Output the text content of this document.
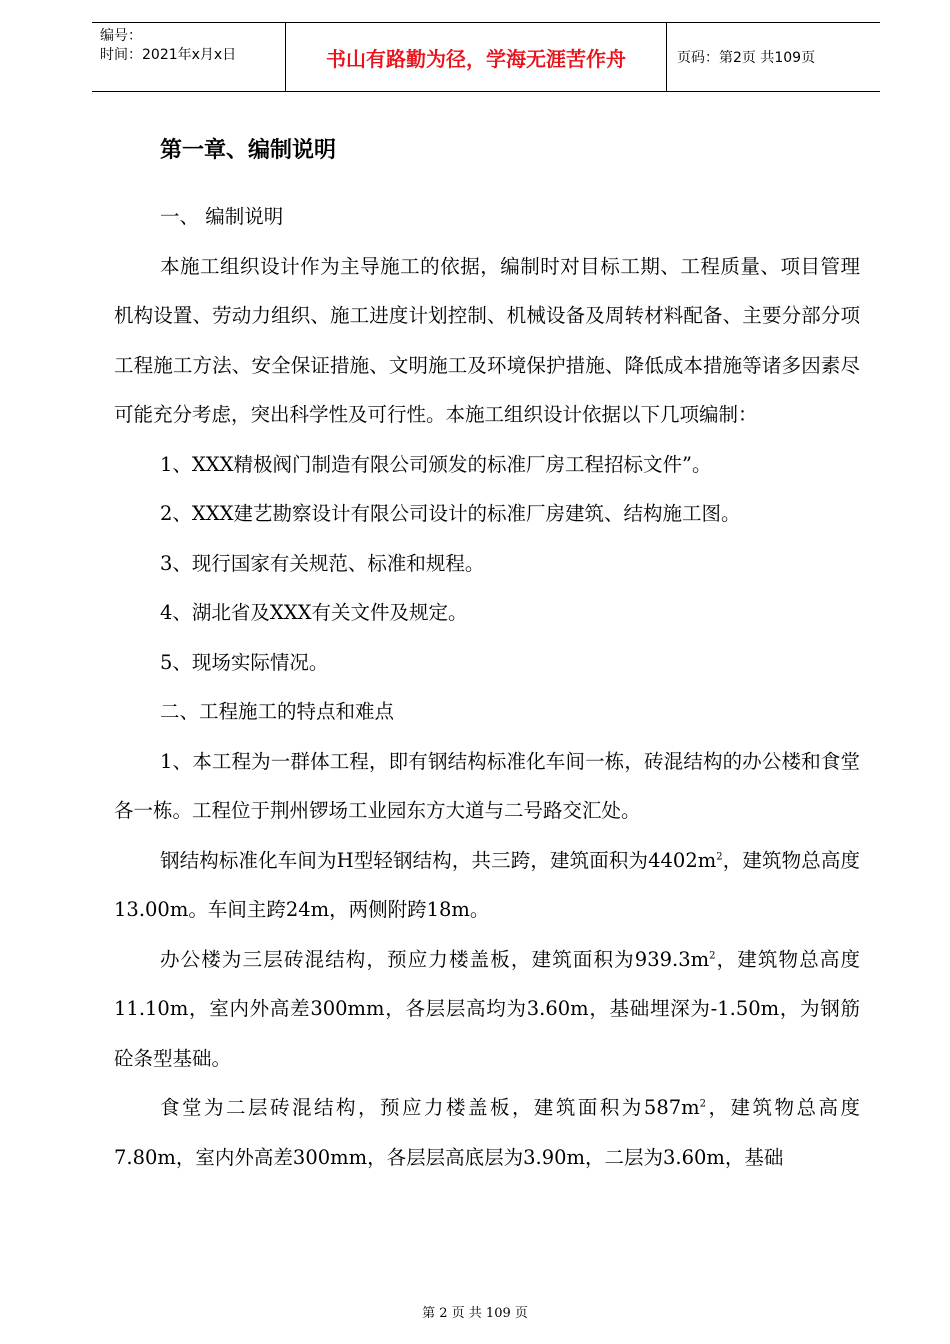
编号：
时间：2021年x月x日	书山有路勤为径，学海无涯苦作舟	页码：第2页 共109页
第一章、编制说明
一、 编制说明

本施工组织设计作为主导施工的依据，编制时对目标工期、工程质量、项目管理机构设置、劳动力组织、施工进度计划控制、机械设备及周转材料配备、主要分部分项工程施工方法、安全保证措施、文明施工及环境保护措施、降低成本措施等诸多因素尽可能充分考虑，突出科学性及可行性。本施工组织设计依据以下几项编制：

1、XXX精极阀门制造有限公司颁发的标准厂房工程招标文件”。

2、XXX建艺勘察设计有限公司设计的标准厂房建筑、结构施工图。

3、现行国家有关规范、标准和规程。

4、湖北省及XXX有关文件及规定。

5、现场实际情况。

二、工程施工的特点和难点

1、本工程为一群体工程，即有钢结构标准化车间一栋，砖混结构的办公楼和食堂各一栋。工程位于荆州锣场工业园东方大道与二号路交汇处。

钢结构标准化车间为H型轻钢结构，共三跨，建筑面积为$4402m^2$，建筑物总高度13.00m。车间主跨24m，两侧附跨18m。

办公楼为三层砖混结构，预应力楼盖板，建筑面积为$939.3m^2$，建筑物总高度11.10m，室内外高差300mm，各层层高均为3.60m，基础埋深为-1.50m，为钢筋砼条型基础。

食堂为二层砖混结构，预应力楼盖板，建筑面积为$587m^2$，建筑物总高度7.80m，室内外高差300mm，各层层高底层为3.90m，二层为3.60m，基础

第 2 页 共 109 页
